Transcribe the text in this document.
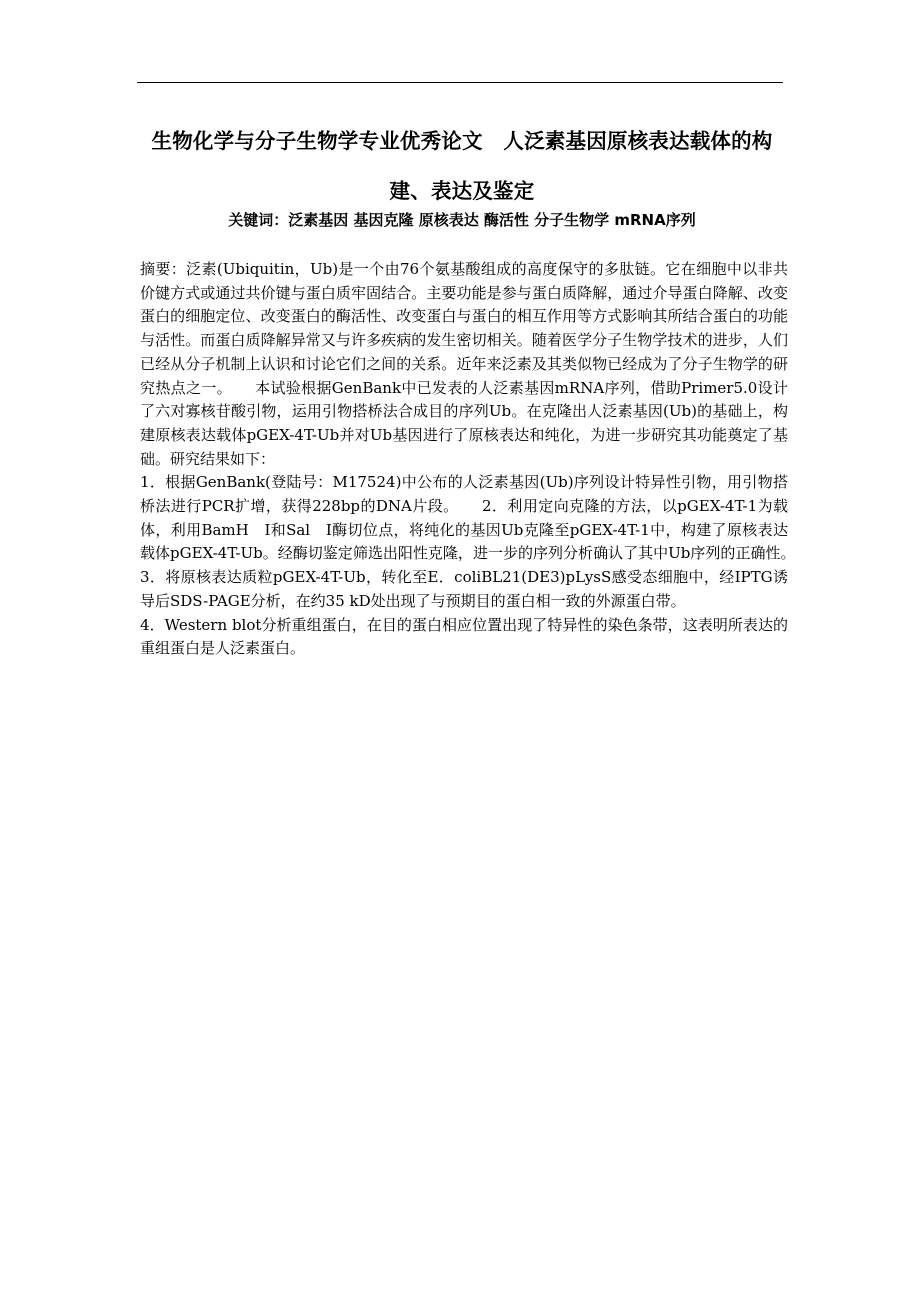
生物化学与分子生物学专业优秀论文　人泛素基因原核表达载体的构建、表达及鉴定
关键词：泛素基因 基因克隆 原核表达 酶活性 分子生物学 mRNA序列

摘要：泛素(Ubiquitin，Ub)是一个由76个氨基酸组成的高度保守的多肽链。它在细胞中以非共价键方式或通过共价键与蛋白质牢固结合。主要功能是参与蛋白质降解，通过介导蛋白降解、改变蛋白的细胞定位、改变蛋白的酶活性、改变蛋白与蛋白的相互作用等方式影响其所结合蛋白的功能与活性。而蛋白质降解异常又与许多疾病的发生密切相关。随着医学分子生物学技术的进步，人们已经从分子机制上认识和讨论它们之间的关系。近年来泛素及其类似物已经成为了分子生物学的研究热点之一。　　本试验根据GenBank中已发表的人泛素基因mRNA序列，借助Primer5.0设计了六对寡核苷酸引物，运用引物搭桥法合成目的序列Ub。在克隆出人泛素基因(Ub)的基础上，构建原核表达载体pGEX-4T-Ub并对Ub基因进行了原核表达和纯化，为进一步研究其功能奠定了基础。研究结果如下：

1．根据GenBank(登陆号：M17524)中公布的人泛素基因(Ub)序列设计特异性引物，用引物搭桥法进行PCR扩增，获得228bp的DNA片段。　　2．利用定向克隆的方法，以pGEX-4T-1为载体，利用BamH　Ⅰ和Sal　Ⅰ酶切位点，将纯化的基因Ub克隆至pGEX-4T-1中，构建了原核表达载体pGEX-4T-Ub。经酶切鉴定筛选出阳性克隆，进一步的序列分析确认了其中Ub序列的正确性。　　3．将原核表达质粒pGEX-4T-Ub，转化至E．coliBL21(DE3)pLysS感受态细胞中，经IPTG诱导后SDS-PAGE分析，在约35 kD处出现了与预期目的蛋白相一致的外源蛋白带。

4．Western blot分析重组蛋白，在目的蛋白相应位置出现了特异性的染色条带，这表明所表达的重组蛋白是人泛素蛋白。
